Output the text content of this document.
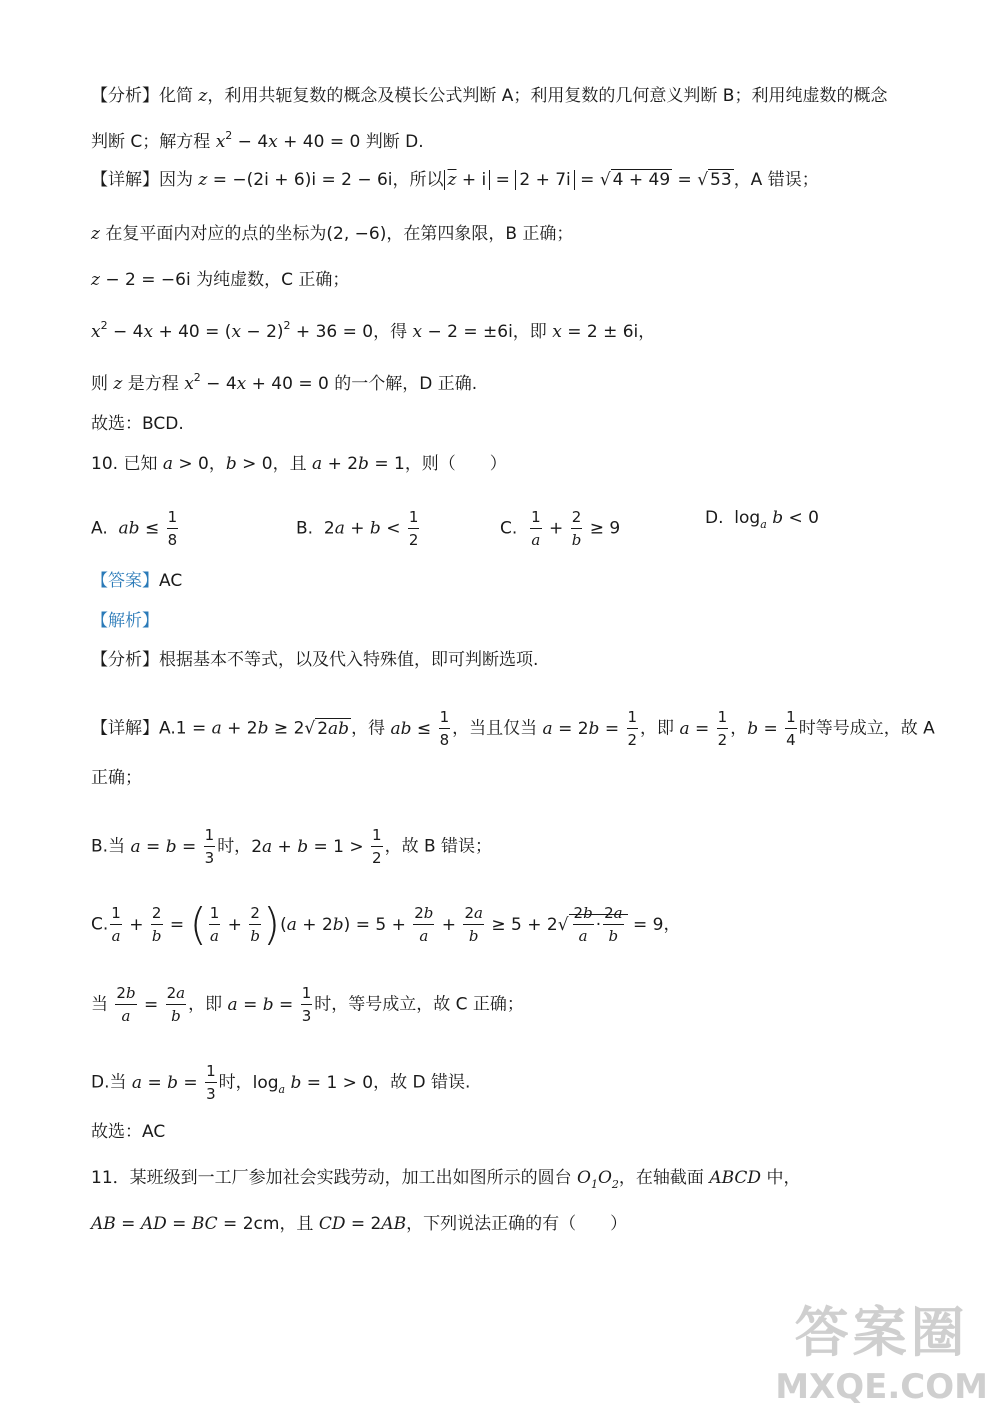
【分析】化简 z，利用共轭复数的概念及模长公式判断 A；利用复数的几何意义判断 B；利用纯虚数的概念
判断 C；解方程 $x^2 - 4x + 40 = 0$ 判断 D.
【详解】因为 z = −(2i + 6)i = 2 − 6i，所以 $\overline{z} + i = 2 + 7i$ = √ 4 + 49 = √ 53 ，A 错误；
z 在复平面内对应的点的坐标为(2, −6)，在第四象限，B 正确；
z − 2 = −6i 为纯虚数，C 正确；
$x^2 - 4x + 40 = (x - 2)^2 + 36 = 0$，得 x − 2 = ±6i，即 x = 2 ± 6i，
则 z 是方程 $x^2 - 4x + 40 = 0$ 的一个解，D 正确.
故选：BCD.
10. 已知 a > 0，b > 0，且 a + 2b = 1，则（　　）
A. ab ≤ $\frac{1}{8}$	B.  $2a + b < \frac{1}{2}$	C. $\frac{1}{a} + \frac{2}{b} \ge 9$
D.  $\log_a b < 0$
【答案】AC
【解析】
【分析】根据基本不等式，以及代入特殊值，即可判断选项.
【详解】A.1 = a + 2b ≥ 2√ 2ab ，得 ab ≤ $\frac{1}{8}$ ，当且仅当 $a = 2b = \frac{1}{2}$ ，即 $a = \frac{1}{2}$ ，$b = \frac{1}{4}$ 时等号成立，故 A
正确；
B.当 $a = b = \frac{1}{3}$ 时，$2a + b = 1 > \frac{1}{2}$ ，故 B 错误；
C. $\frac{1}{a} + \frac{2}{b}$ = ( $\frac{1}{a} + \frac{2}{b} )(a + 2b) = 5 + \frac{2b}{a} + \frac{2a}{b} \ge 5 + 2√ \frac{2b}{a} \cdot \frac{2a}{b} = 9$，
当 $\frac{2b}{a} = \frac{2a}{b}$ ，即 $a = b = \frac{1}{3}$ 时，等号成立，故 C 正确；
D.当 $a = b = \frac{1}{3}$ 时，$\log_a b = 1 > 0$，故 D 错误.
故选：AC
11．某班级到一工厂参加社会实践劳动，加工出如图所示的圆台 $O_1O_2$，在轴截面 ABCD 中，
AB = AD = BC = 2cm，且 CD = 2AB，下列说法正确的有（　　）
答案圈
MXQE.COM
